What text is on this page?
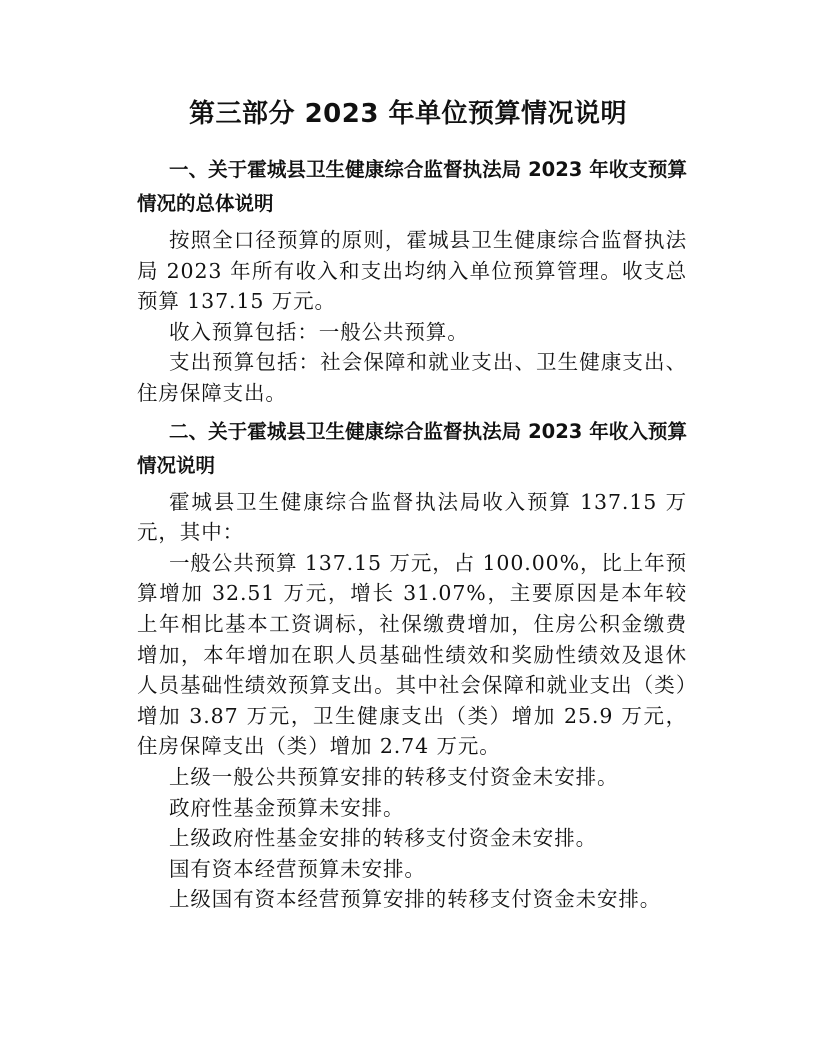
第三部分 2023 年单位预算情况说明
一、关于霍城县卫生健康综合监督执法局 2023 年收支预算情况的总体说明

按照全口径预算的原则，霍城县卫生健康综合监督执法局 2023 年所有收入和支出均纳入单位预算管理。收支总预算 137.15 万元。

收入预算包括：一般公共预算。

支出预算包括：社会保障和就业支出、卫生健康支出、住房保障支出。

二、关于霍城县卫生健康综合监督执法局 2023 年收入预算情况说明

霍城县卫生健康综合监督执法局收入预算 137.15 万元，其中：

一般公共预算 137.15 万元，占 100.00%，比上年预算增加 32.51 万元，增长 31.07%，主要原因是本年较上年相比基本工资调标，社保缴费增加，住房公积金缴费增加，本年增加在职人员基础性绩效和奖励性绩效及退休人员基础性绩效预算支出。其中社会保障和就业支出（类）增加 3.87 万元，卫生健康支出（类）增加 25.9 万元， 住房保障支出（类）增加 2.74 万元。

上级一般公共预算安排的转移支付资金未安排。

政府性基金预算未安排。

上级政府性基金安排的转移支付资金未安排。

国有资本经营预算未安排。

上级国有资本经营预算安排的转移支付资金未安排。
